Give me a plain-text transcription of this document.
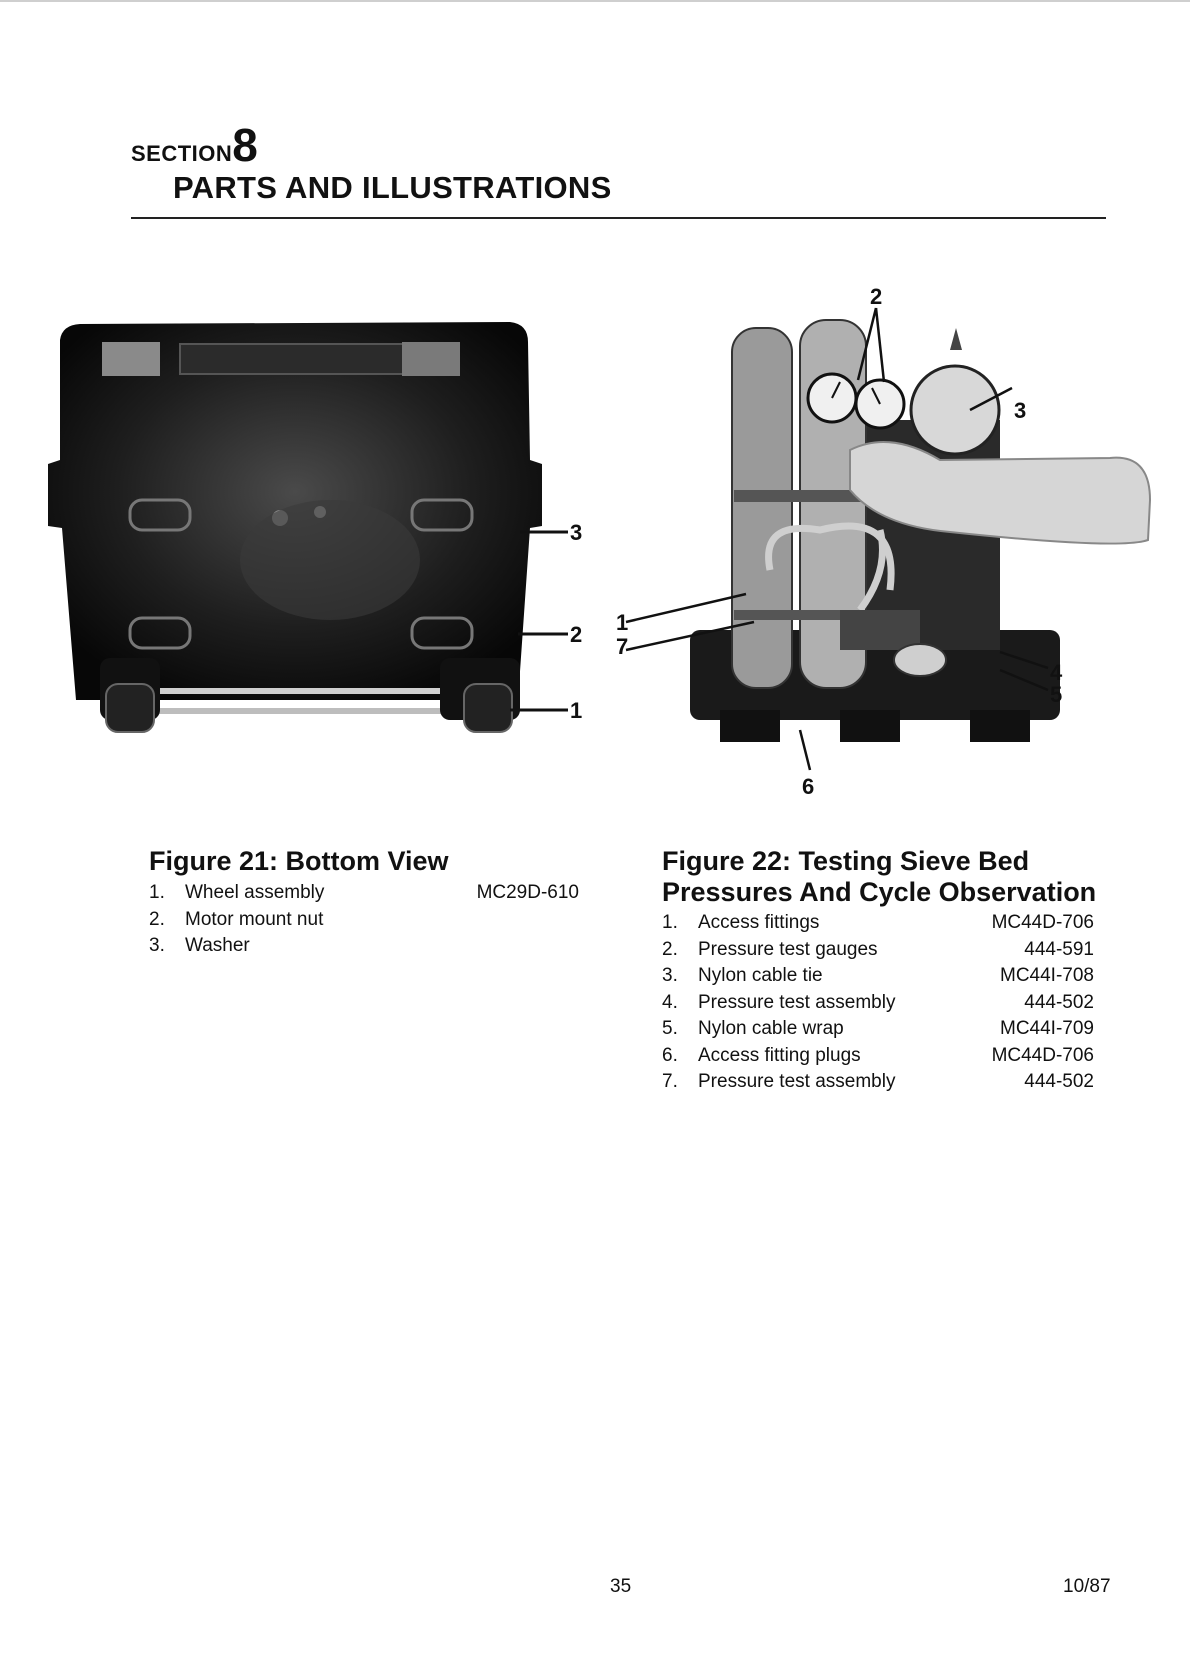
SECTION8
PARTS AND ILLUSTRATIONS
3
2
1
2
3
1
7
4
5
6
Figure 21: Bottom View
1.	Wheel assembly	MC29D-610
2.	Motor mount nut
3.	Washer
Figure 22: Testing Sieve Bed Pressures And Cycle Observation
1.	Access fittings	MC44D-706
2.	Pressure test gauges	444-591
3.	Nylon cable tie	MC44I-708
4.	Pressure test assembly	444-502
5.	Nylon cable wrap	MC44I-709
6.	Access fitting plugs	MC44D-706
7.	Pressure test assembly	444-502
35	10/87
